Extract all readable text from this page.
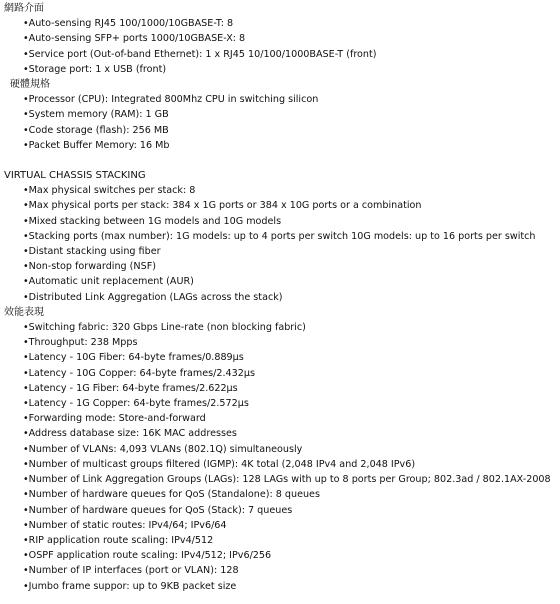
網路介面
•Auto-sensing RJ45 100/1000/10GBASE-T: 8
•Auto-sensing SFP+ ports 1000/10GBASE-X: 8
•Service port (Out-of-band Ethernet): 1 x RJ45 10/100/1000BASE-T (front)
•Storage port: 1 x USB (front)
硬體規格
•Processor (CPU): Integrated 800Mhz CPU in switching silicon
•System memory (RAM): 1 GB
•Code storage (flash): 256 MB
•Packet Buffer Memory: 16 Mb
VIRTUAL CHASSIS STACKING
•Max physical switches per stack: 8
•Max physical ports per stack: 384 x 1G ports or 384 x 10G ports or a combination
•Mixed stacking between 1G models and 10G models
•Stacking ports (max number): 1G models: up to 4 ports per switch 10G models: up to 16 ports per switch
•Distant stacking using fiber
•Non-stop forwarding (NSF)
•Automatic unit replacement (AUR)
•Distributed Link Aggregation (LAGs across the stack)
效能表現
•Switching fabric: 320 Gbps Line-rate (non blocking fabric)
•Throughput: 238 Mpps
•Latency - 10G Fiber: 64-byte frames/0.889µs
•Latency - 10G Copper: 64-byte frames/2.432µs
•Latency - 1G Fiber: 64-byte frames/2.622µs
•Latency - 1G Copper: 64-byte frames/2.572µs
•Forwarding mode: Store-and-forward
•Address database size: 16K MAC addresses
•Number of VLANs: 4,093 VLANs (802.1Q) simultaneously
•Number of multicast groups filtered (IGMP): 4K total (2,048 IPv4 and 2,048 IPv6)
•Number of Link Aggregation Groups (LAGs): 128 LAGs with up to 8 ports per Group; 802.3ad / 802.1AX-2008
•Number of hardware queues for QoS (Standalone): 8 queues
•Number of hardware queues for QoS (Stack): 7 queues
•Number of static routes: IPv4/64; IPv6/64
•RIP application route scaling: IPv4/512
•OSPF application route scaling: IPv4/512; IPv6/256
•Number of IP interfaces (port or VLAN): 128
•Jumbo frame suppor: up to 9KB packet size
